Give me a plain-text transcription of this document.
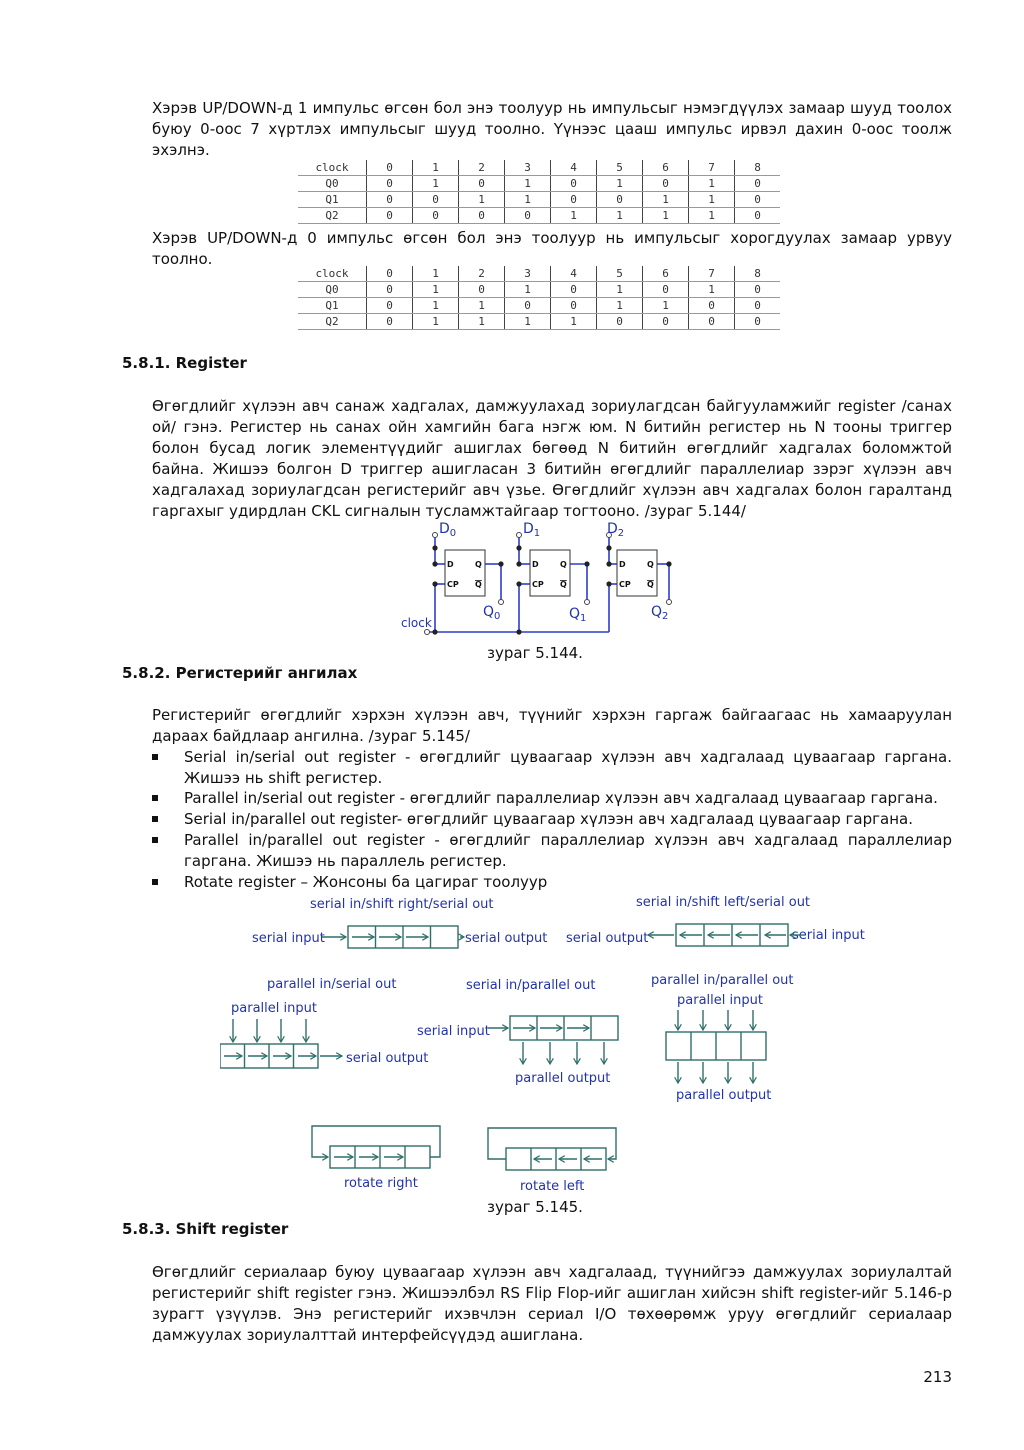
Хэрэв UP/DOWN-д 1 импульс өгсөн бол энэ тоолуур нь импульсыг нэмэгдүүлэх замаар шууд тоолох буюу 0-оос 7 хүртлэх импульсыг шууд тоолно. Үүнээс цааш импульс ирвэл дахин 0-оос тоолж эхэлнэ.
clock	0	1	2	3	4	5	6	7	8
Q0	0	1	0	1	0	1	0	1	0
Q1	0	0	1	1	0	0	1	1	0
Q2	0	0	0	0	1	1	1	1	0
Хэрэв UP/DOWN-д 0 импульс өгсөн бол энэ тоолуур нь импульсыг хорогдуулах замаар урвуу тоолно.
clock	0	1	2	3	4	5	6	7	8
Q0	0	1	0	1	0	1	0	1	0
Q1	0	1	1	0	0	1	1	0	0
Q2	0	1	1	1	1	0	0	0	0
5.8.1. Register
Өгөгдлийг хүлээн авч санаж хадгалах, дамжуулахад зориулагдсан байгууламжийг register /санах ой/ гэнэ. Регистер нь санах ойн хамгийн бага нэгж юм. N битийн регистер нь N тооны триггер болон бусад логик элементүүдийг ашиглах бөгөөд N битийн өгөгдлийг хадгалах боломжтой байна. Жишээ болгон D триггер ашигласан 3 битийн өгөгдлийг параллелиар зэрэг хүлээн авч хадгалахад зориулагдсан регистерийг авч үзье. Өгөгдлийг хүлээн авч хадгалах болон гаралтанд гаргахыг удирдлан CKL сигналын тусламжтайгаар тогтооно. /зураг 5.144/
D	Q
CP Q
D	Q
CP Q
D	Q
CP Q
$D_0$	$D_1$	$D_2$
$Q_0$	$Q_1$	$Q_2$
clock
зураг 5.144.
5.8.2. Регистерийг ангилах
Регистерийг өгөгдлийг хэрхэн хүлээн авч, түүнийг хэрхэн гаргаж байгаагаас нь хамааруулан дараах байдлаар ангилна. /зураг 5.145/
Serial in/serial out register - өгөгдлийг цуваагаар хүлээн авч хадгалаад цуваагаар гаргана. Жишээ нь shift регистер.
Parallel in/serial out register - өгөгдлийг параллелиар хүлээн авч хадгалаад цуваагаар гаргана.
Serial in/parallel out register- өгөгдлийг цуваагаар хүлээн авч хадгалаад цуваагаар гаргана.
Parallel in/parallel out register - өгөгдлийг параллелиар хүлээн авч хадгалаад параллелиар гаргана. Жишээ нь параллель регистер.
Rotate register – Жонсоны ба цагираг тоолуур
serial in/shift right/serial out	serial in/shift left/serial out
serial input	serial output serial output	serial input
parallel in/serial out	serial in/parallel out	parallel in/parallel out
parallel input
parallel input
serial input
serial output
parallel output
parallel output
rotate right	rotate left
зураг 5.145.
5.8.3. Shift register
Өгөгдлийг сериалаар буюу цуваагаар хүлээн авч хадгалаад, түүнийгээ дамжуулах зориулалтай регистерийг shift register гэнэ. Жишээлбэл RS Flip Flop-ийг ашиглан хийсэн shift register-ийг 5.146-р зурагт үзүүлэв. Энэ регистерийг ихэвчлэн сериал I/O төхөөрөмж уруу өгөгдлийг сериалаар дамжуулах зориулалттай интерфейсүүдэд ашиглана.
213
